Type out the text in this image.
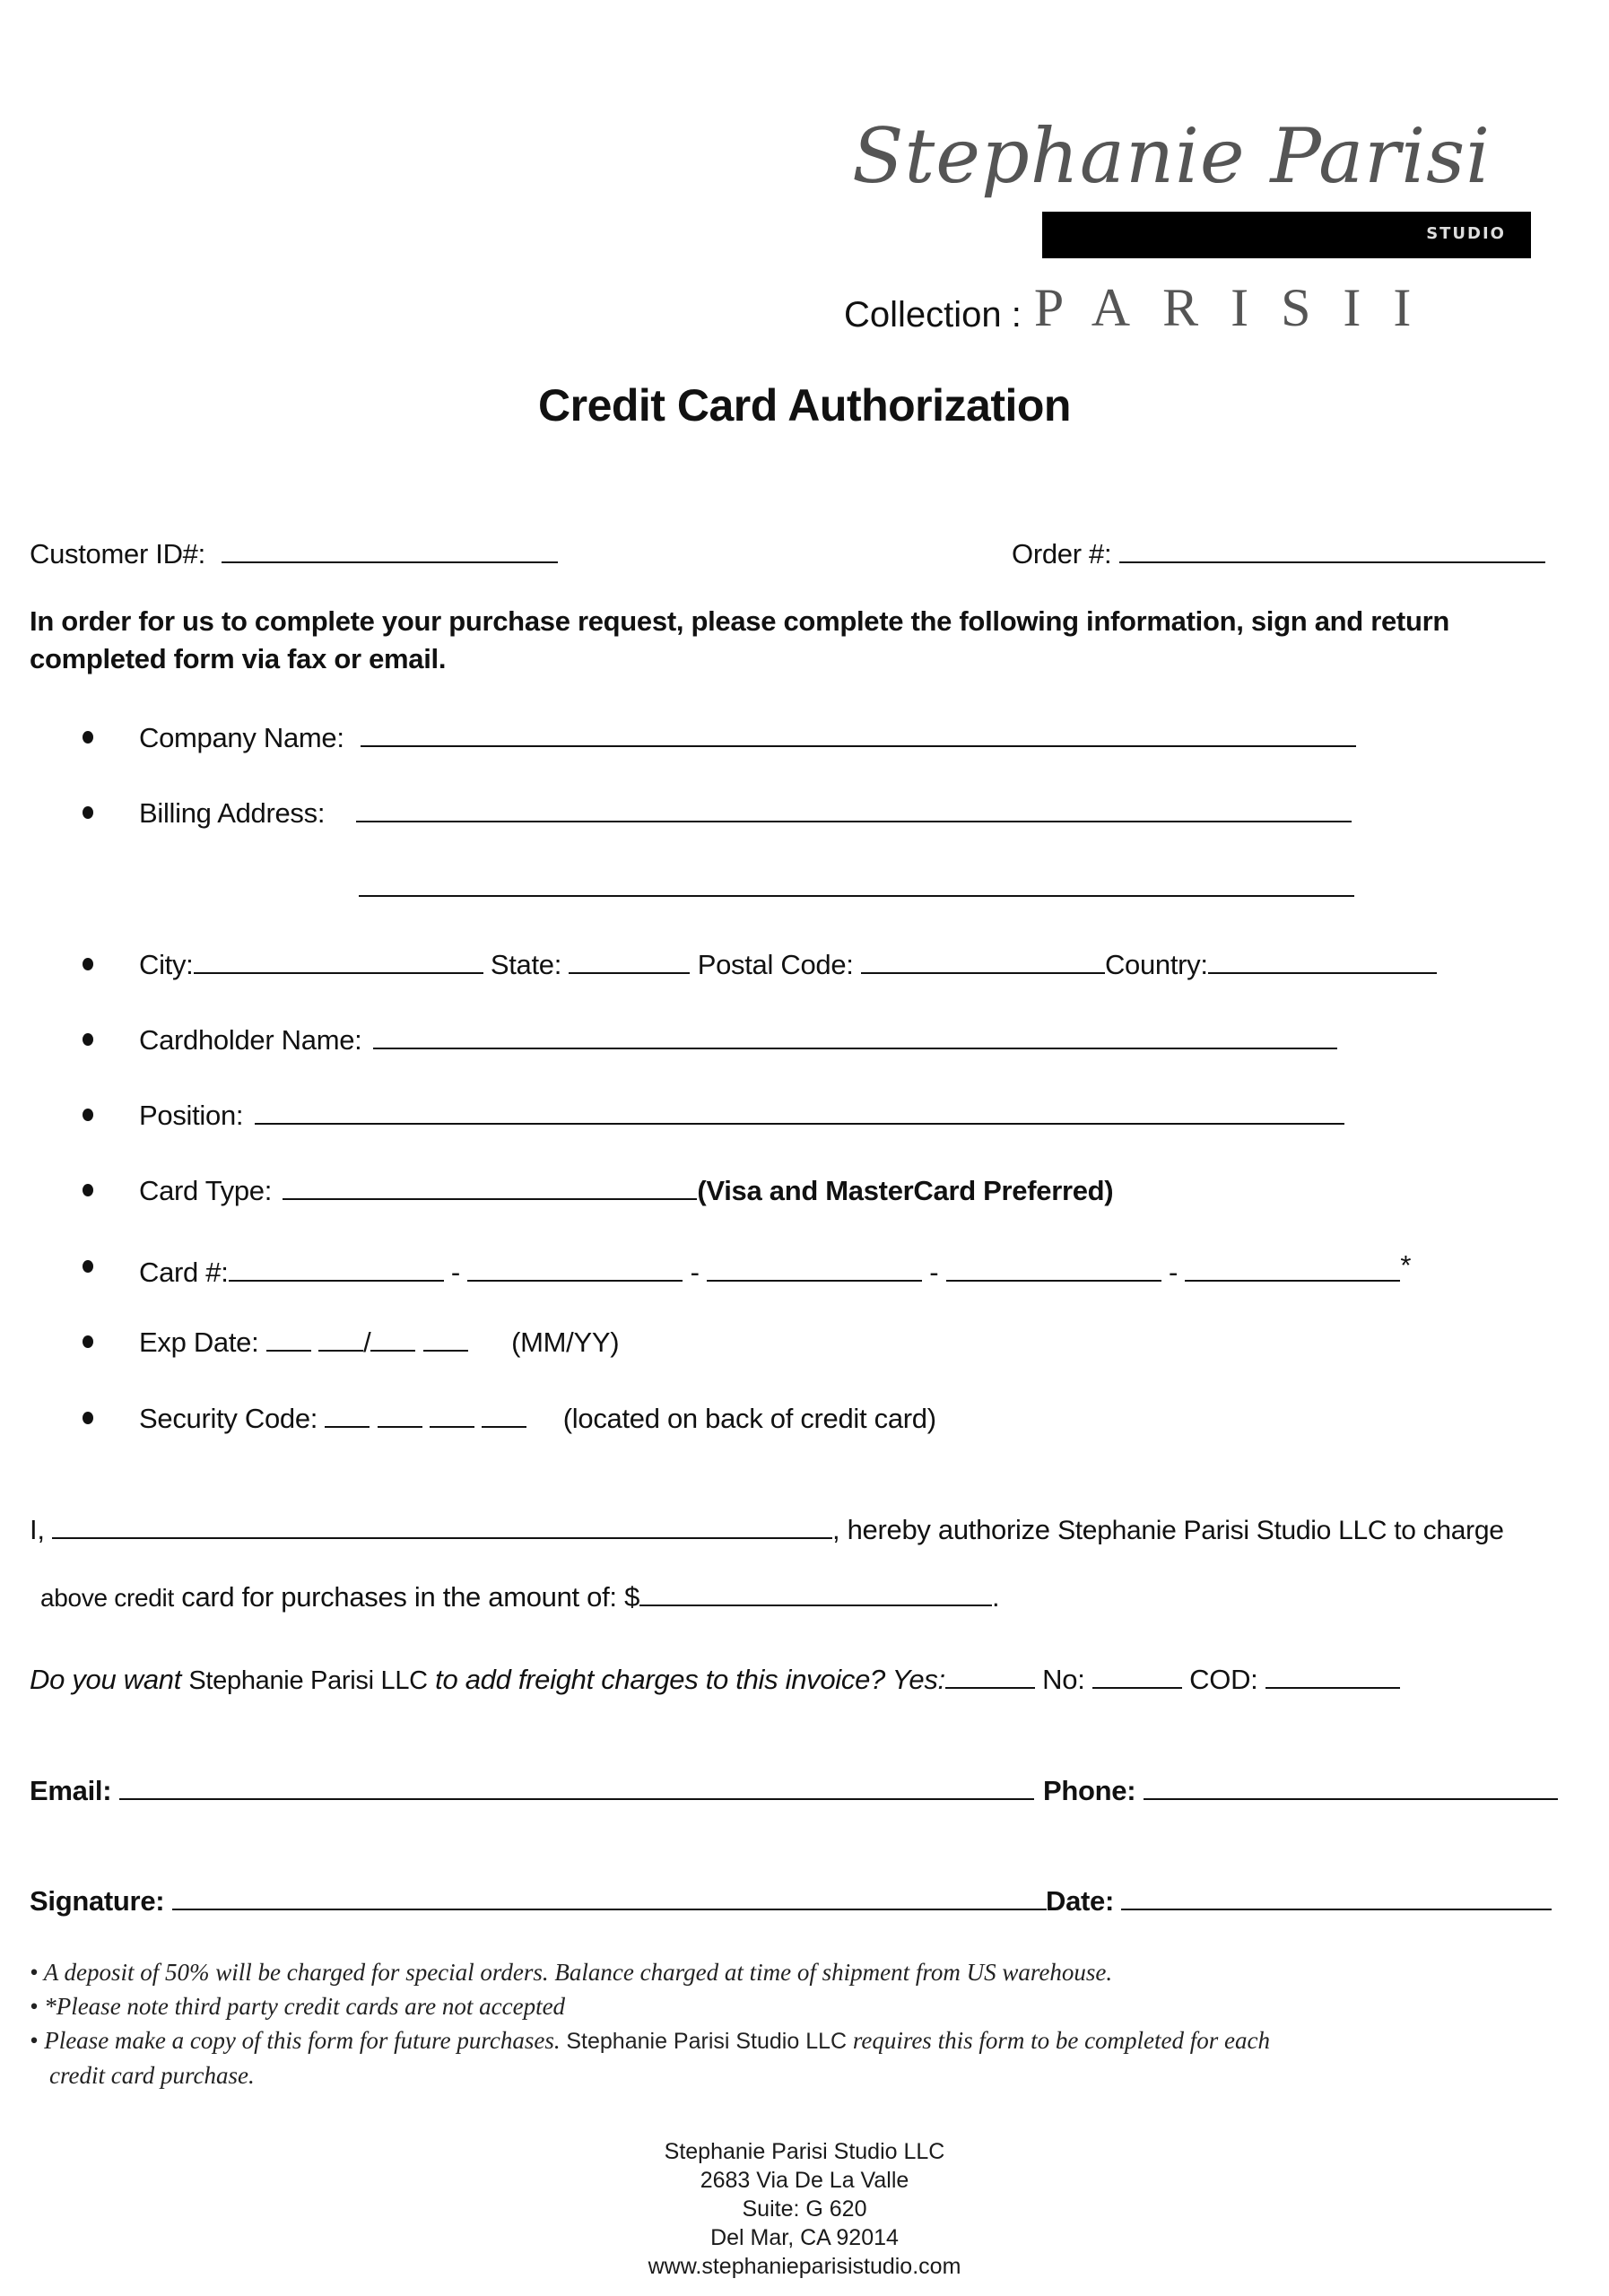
Stephanie Parisi
STUDIO
Collection : PARISII
Credit Card Authorization
Customer ID#:	Order #:
In order for us to complete your purchase request, please complete the following information, sign and return completed form via fax or email.
Company Name:
Billing Address:
City:	State:	Postal Code:	Country:
Cardholder Name:
Position:
Card Type:	(Visa and MasterCard Preferred)
Card #:	-	-	-	-	*
Exp Date:	/	(MM/YY)
Security Code:	(located on back of credit card)
I,	, hereby authorize Stephanie Parisi Studio LLC to charge
above credit card for purchases in the amount of: $	.
Do you want Stephanie Parisi LLC to add freight charges to this invoice? Yes:	No:	COD:
Email:	Phone:
Signature:	Date:
• A deposit of 50% will be charged for special orders. Balance charged at time of shipment from US warehouse.
• *Please note third party credit cards are not accepted
• Please make a copy of this form for future purchases. Stephanie Parisi Studio LLC requires this form to be completed for each
credit card purchase.
Stephanie Parisi Studio LLC
2683 Via De La Valle
Suite: G 620
Del Mar, CA 92014
www.stephanieparisistudio.com
